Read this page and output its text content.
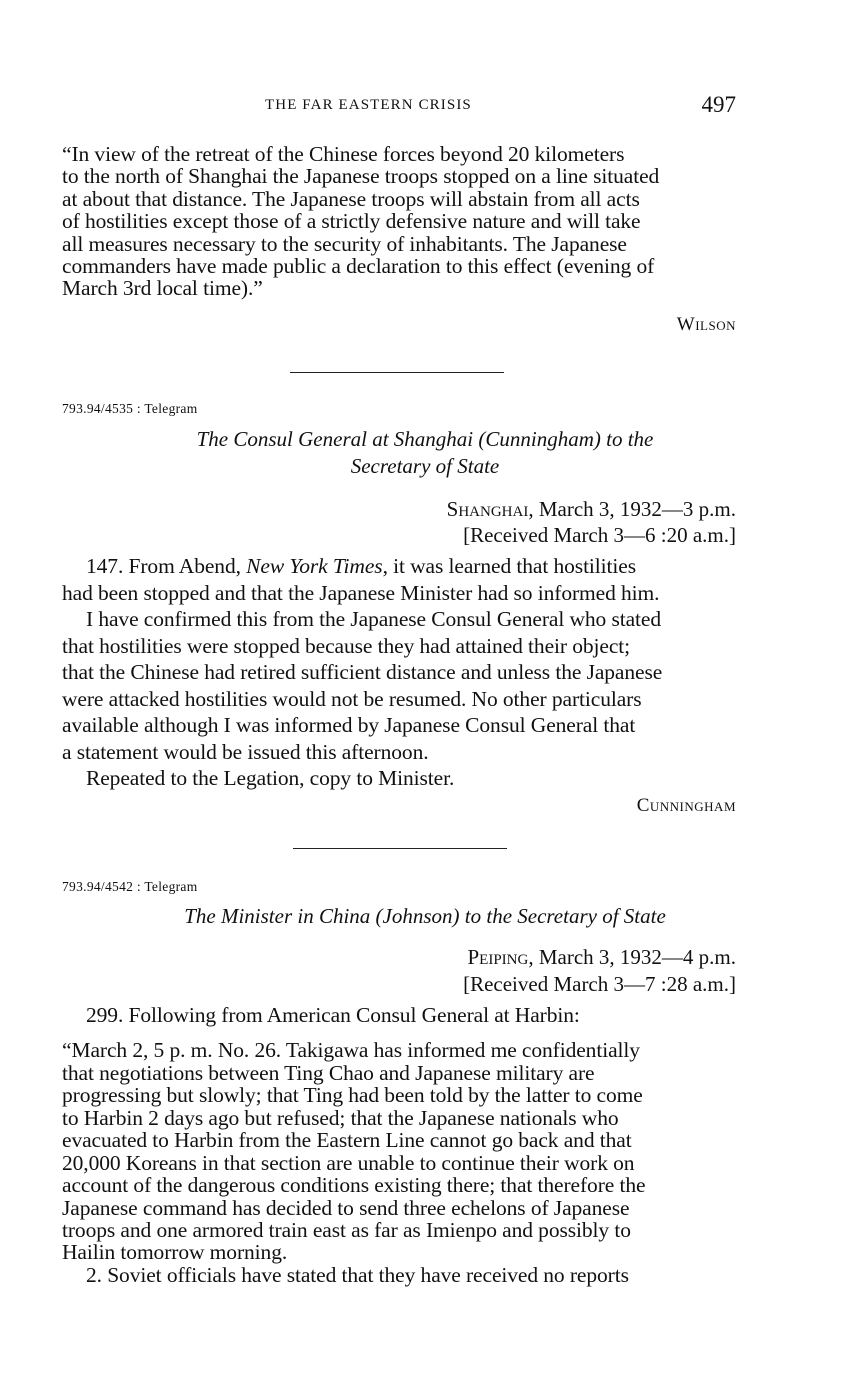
THE FAR EASTERN CRISIS	497
“In view of the retreat of the Chinese forces beyond 20 kilometers
to the north of Shanghai the Japanese troops stopped on a line situated
at about that distance. The Japanese troops will abstain from all acts
of hostilities except those of a strictly defensive nature and will take
all measures necessary to the security of inhabitants. The Japanese
commanders have made public a declaration to this effect (evening of
March 3rd local time).”
Wilson
793.94/4535 : Telegram
The Consul General at Shanghai (Cunningham) to the
Secretary of State
Shanghai, March 3, 1932—3 p.m.
[Received March 3—6 :20 a.m.]
147. From Abend, New York Times, it was learned that hostilities
had been stopped and that the Japanese Minister had so informed him.
I have confirmed this from the Japanese Consul General who stated
that hostilities were stopped because they had attained their object;
that the Chinese had retired sufficient distance and unless the Japanese
were attacked hostilities would not be resumed. No other particulars
available although I was informed by Japanese Consul General that
a statement would be issued this afternoon.
Repeated to the Legation, copy to Minister.
Cunningham
793.94/4542 : Telegram
The Minister in China (Johnson) to the Secretary of State
Peiping, March 3, 1932—4 p.m.
[Received March 3—7 :28 a.m.]
299. Following from American Consul General at Harbin:
“March 2, 5 p. m. No. 26. Takigawa has informed me confidentially
that negotiations between Ting Chao and Japanese military are
progressing but slowly; that Ting had been told by the latter to come
to Harbin 2 days ago but refused; that the Japanese nationals who
evacuated to Harbin from the Eastern Line cannot go back and that
20,000 Koreans in that section are unable to continue their work on
account of the dangerous conditions existing there; that therefore the
Japanese command has decided to send three echelons of Japanese
troops and one armored train east as far as Imienpo and possibly to
Hailin tomorrow morning.
2. Soviet officials have stated that they have received no reports
